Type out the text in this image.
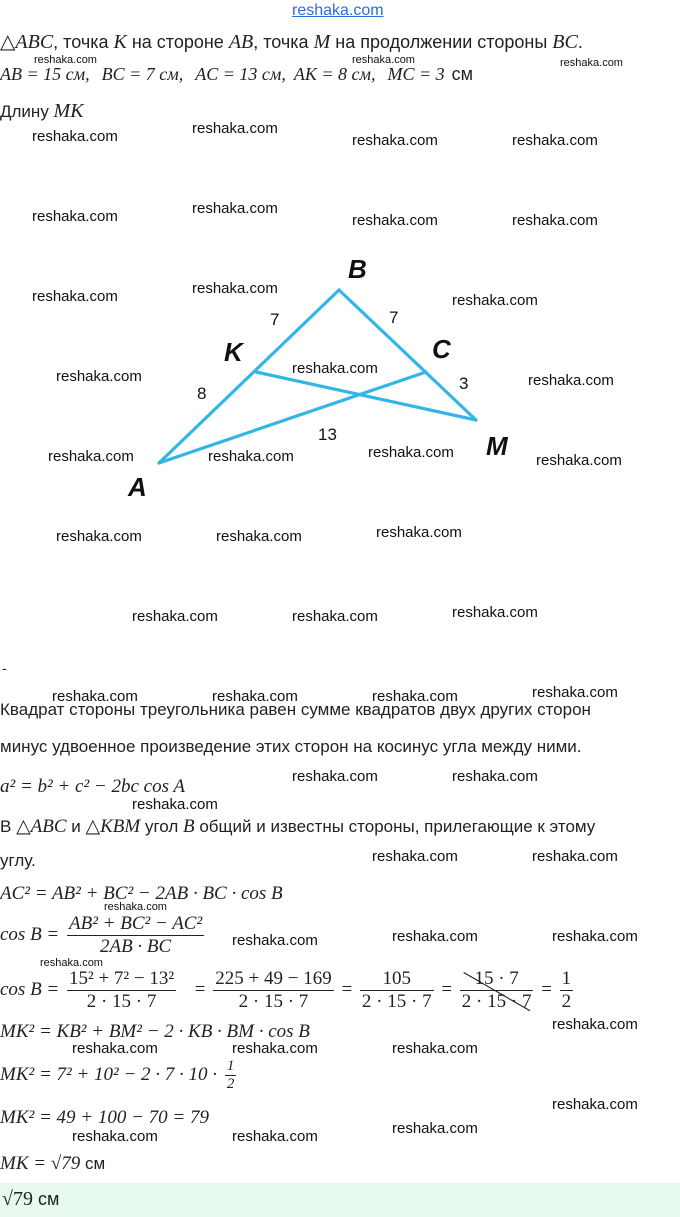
reshaka.com
△ABC, точка K на стороне AB, точка M на продолжении стороны BC.
AB = 15 см, BC = 7 см, AC = 13 см, AK = 8 см, MC = 3 см
Длину MK
B
K	C
A
M
7	7
8
3
13
reshaka.com	reshaka.com	reshaka.com
reshaka.com	reshaka.com
reshaka.com	reshaka.com
reshaka.com	reshaka.com
reshaka.com	reshaka.com
reshaka.com	reshaka.com
reshaka.com
reshaka.com	reshaka.com
reshaka.com
reshaka.com	reshaka.com	reshaka.com	reshaka.com
reshaka.com	reshaka.com	reshaka.com
reshaka.com	reshaka.com	reshaka.com
reshaka.com	reshaka.com	reshaka.com	reshaka.com
reshaka.com	reshaka.com
reshaka.com
reshaka.com	reshaka.com
reshaka.com
reshaka.com	reshaka.com	reshaka.com
reshaka.com
reshaka.com
reshaka.com	reshaka.com	reshaka.com
reshaka.com
reshaka.com	reshaka.com	reshaka.com
-
Квадрат стороны треугольника равен сумме квадратов двух других сторон
минус удвоенное произведение этих сторон на косинус угла между ними.
a² = b² + c² − 2bc cos A
В △ABC и △KBM угол B общий и известны стороны, прилегающие к этому
углу.
AC² = AB² + BC² − 2AB · BC · cos B
$\cos B = \frac{\text{AB² + BC² − AC²}}{2AB \cdot BC}$
$\cos B = \frac{\text{15² + 7² − 13²}}{2 \cdot 15 \cdot 7} = \frac{225 + 49 - 169}{2 \cdot 15 \cdot 7} = \frac{105}{2 \cdot 15 \cdot 7} = \frac{15 \cdot 7}{2 \cdot 15 \cdot 7} = \frac{1}{2}$
MK² = KB² + BM² − 2 · KB · BM · cos B
$MK^2 = 7^2 + 10^2 - 2 \cdot 7 \cdot 10 \cdot \frac{1}{2}$
MK² = 49 + 100 − 70 = 79
MK = √79 см
√79 см
